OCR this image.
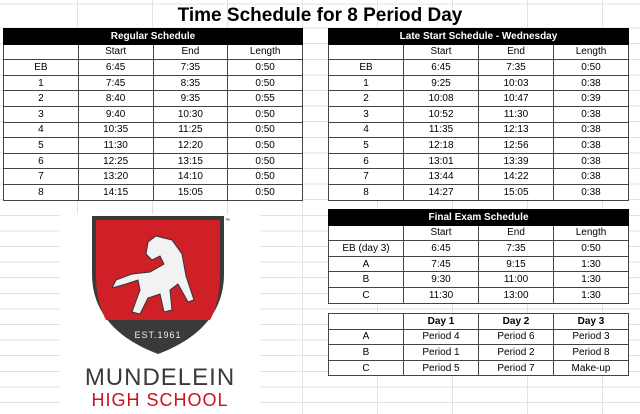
Time Schedule for 8 Period Day
Regular Schedule			
	Start	End	Length
EB	6:45	7:35	0:50
1	7:45	8:35	0:50
2	8:40	9:35	0:55
3	9:40	10:30	0:50
4	10:35	11:25	0:50
5	11:30	12:20	0:50
6	12:25	13:15	0:50
7	13:20	14:10	0:50
8	14:15	15:05	0:50
Late Start Schedule - Wednesday			
	Start	End	Length
EB	6:45	7:35	0:50
1	9:25	10:03	0:38
2	10:08	10:47	0:39
3	10:52	11:30	0:38
4	11:35	12:13	0:38
5	12:18	12:56	0:38
6	13:01	13:39	0:38
7	13:44	14:22	0:38
8	14:27	15:05	0:38
Final Exam Schedule			
	Start	End	Length
EB (day 3)	6:45	7:35	0:50
A	7:45	9:15	1:30
B	9:30	11:00	1:30
C	11:30	13:00	1:30
	Day 1	Day 2	Day 3
A	Period 4	Period 6	Period 3
B	Period 1	Period 2	Period 8
C	Period 5	Period 7	Make-up
EST.1961
™
MUNDELEIN
HIGH SCHOOL
